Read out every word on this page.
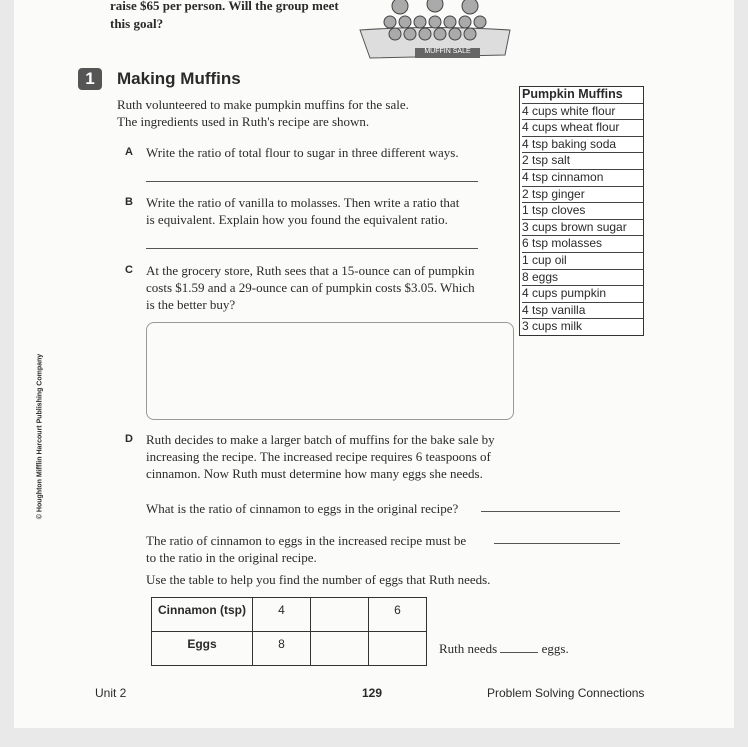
raise $65 per person. Will the group meet
this goal?
MUFFIN SALE
1	Making Muffins
Ruth volunteered to make pumpkin muffins for the sale.
The ingredients used in Ruth's recipe are shown.
Pumpkin Muffins
4 cups white flour
4 cups wheat flour
4 tsp baking soda
2 tsp salt
4 tsp cinnamon
2 tsp ginger
1 tsp cloves
3 cups brown sugar
6 tsp molasses
1 cup oil
8 eggs
4 cups pumpkin
4 tsp vanilla
3 cups milk
A Write the ratio of total flour to sugar in three different ways.
B Write the ratio of vanilla to molasses. Then write a ratio that
is equivalent. Explain how you found the equivalent ratio.
C At the grocery store, Ruth sees that a 15-ounce can of pumpkin
costs $1.59 and a 29-ounce can of pumpkin costs $3.05. Which
is the better buy?
D Ruth decides to make a larger batch of muffins for the bake sale by
increasing the recipe. The increased recipe requires 6 teaspoons of
cinnamon. Now Ruth must determine how many eggs she needs.
What is the ratio of cinnamon to eggs in the original recipe?
The ratio of cinnamon to eggs in the increased recipe must be
to the ratio in the original recipe.
Use the table to help you find the number of eggs that Ruth needs.
Cinnamon (tsp)	4		6
Eggs	8			Ruth needs	eggs.
© Houghton Mifflin Harcourt Publishing Company
Unit 2	129	Problem Solving Connections
